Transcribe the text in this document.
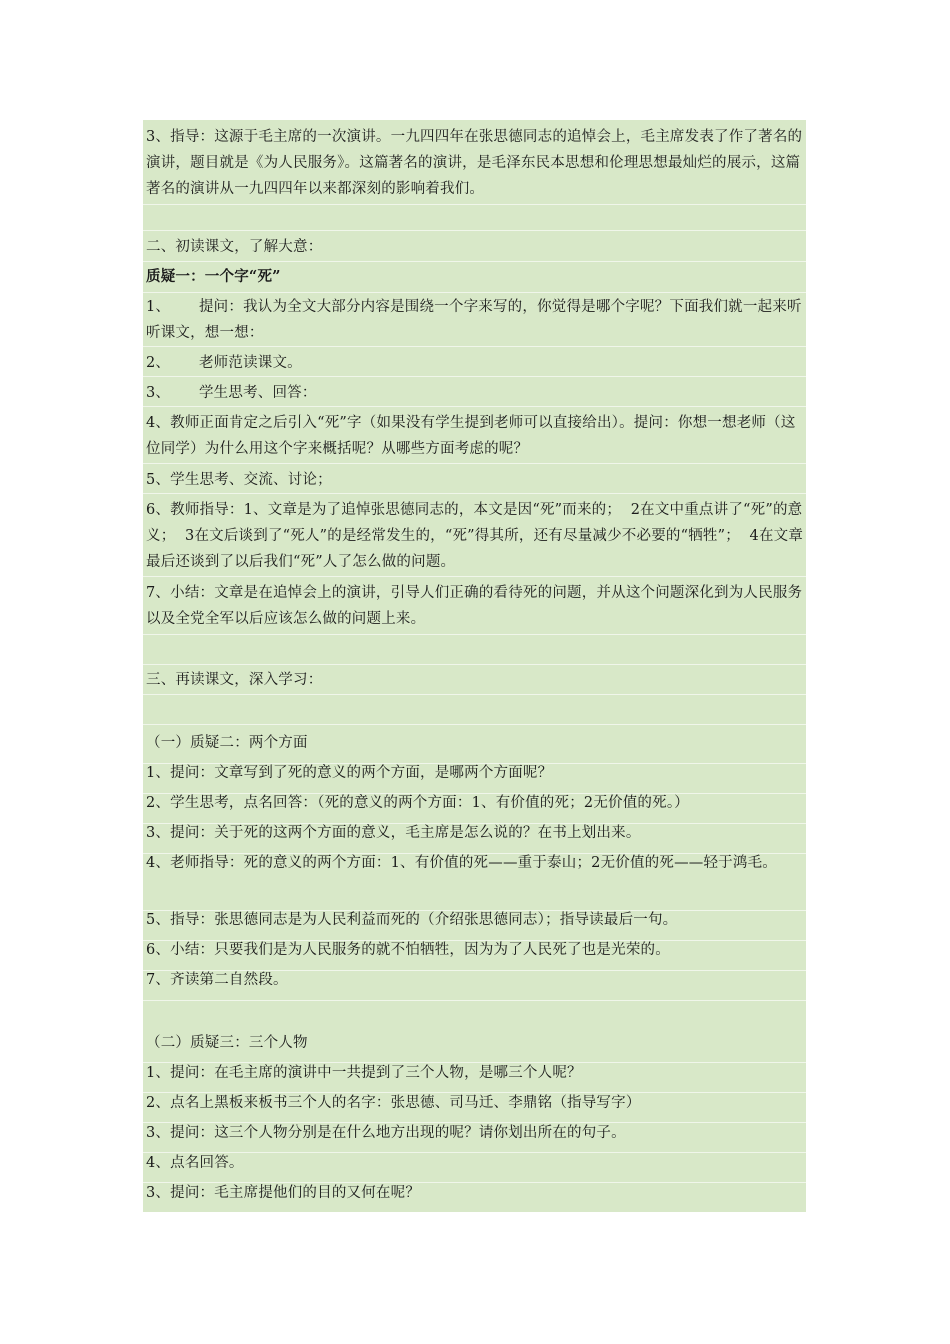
3、指导：这源于毛主席的一次演讲。一九四四年在张思德同志的追悼会上，毛主席发表了作了著名的演讲，题目就是《为人民服务》。这篇著名的演讲，是毛泽东民本思想和伦理思想最灿烂的展示，这篇著名的演讲从一九四四年以来都深刻的影响着我们。

二、初读课文，了解大意：

质疑一：一个字“死”

1、      提问：我认为全文大部分内容是围绕一个字来写的，你觉得是哪个字呢？下面我们就一起来听听课文，想一想：

2、      老师范读课文。

3、      学生思考、回答：

4、教师正面肯定之后引入“死”字（如果没有学生提到老师可以直接给出）。提问：你想一想老师（这位同学）为什么用这个字来概括呢？从哪些方面考虑的呢？

5、学生思考、交流、讨论；

6、教师指导：1、文章是为了追悼张思德同志的，本文是因“死”而来的；  2在文中重点讲了“死”的意义；  3在文后谈到了“死人”的是经常发生的，“死”得其所，还有尽量减少不必要的“牺牲”；  4在文章最后还谈到了以后我们“死”人了怎么做的问题。

7、小结：文章是在追悼会上的演讲，引导人们正确的看待死的问题，并从这个问题深化到为人民服务以及全党全军以后应该怎么做的问题上来。

三、再读课文，深入学习：

（一）质疑二：两个方面

1、提问：文章写到了死的意义的两个方面，是哪两个方面呢？

2、学生思考，点名回答：（死的意义的两个方面：1、有价值的死；2无价值的死。）

3、提问：关于死的这两个方面的意义，毛主席是怎么说的？在书上划出来。

4、老师指导：死的意义的两个方面：1、有价值的死——重于泰山；2无价值的死——轻于鸿毛。

5、指导：张思德同志是为人民利益而死的（介绍张思德同志）；指导读最后一句。

6、小结：只要我们是为人民服务的就不怕牺牲，因为为了人民死了也是光荣的。

7、齐读第二自然段。

（二）质疑三：三个人物

1、提问：在毛主席的演讲中一共提到了三个人物，是哪三个人呢？

2、点名上黑板来板书三个人的名字：张思德、司马迁、李鼎铭（指导写字）

3、提问：这三个人物分别是在什么地方出现的呢？请你划出所在的句子。

4、点名回答。

3、提问：毛主席提他们的目的又何在呢？
